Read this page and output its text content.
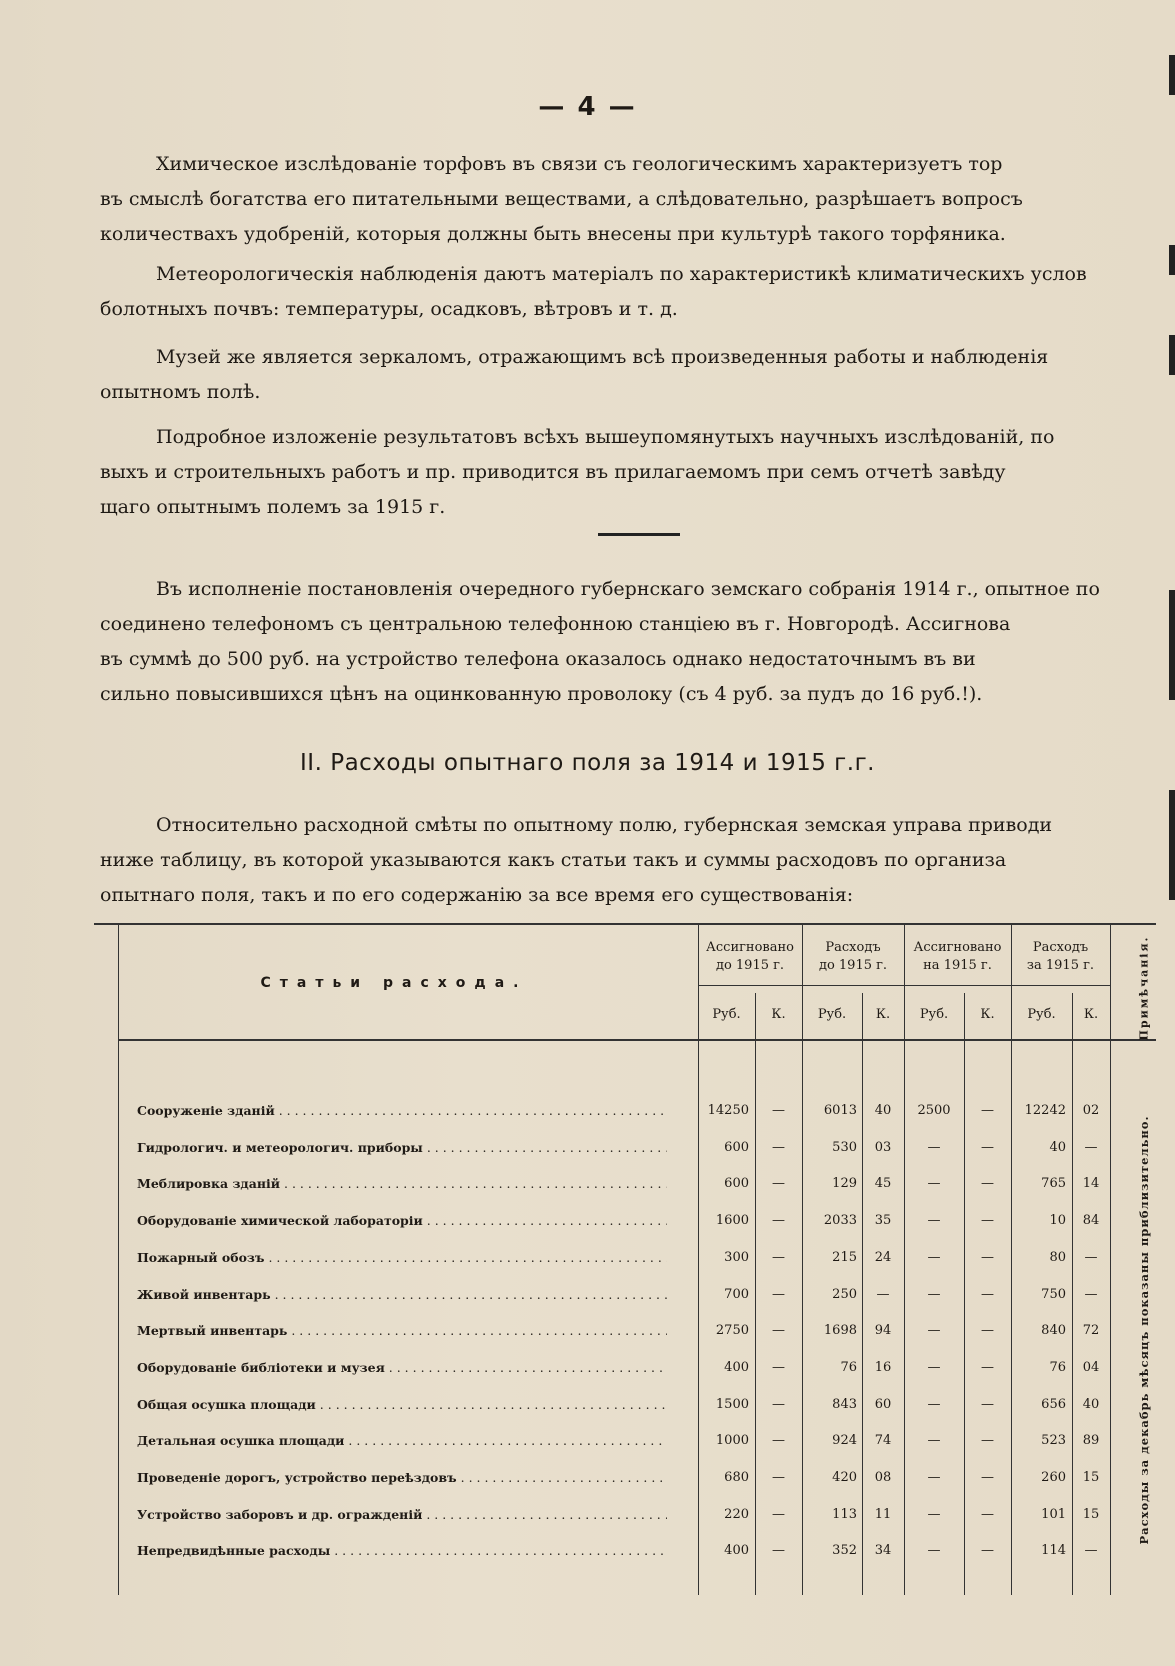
— 4 —

Химическое изслѣдованіе торфовъ въ связи съ геологическимъ характеризуетъ тор
въ смыслѣ богатства его питательными веществами, а слѣдовательно, разрѣшаетъ вопросъ
количествахъ удобреній, которыя должны быть внесены при культурѣ такого торфяника.

Метеорологическія наблюденія даютъ матеріалъ по характеристикѣ климатическихъ услов
болотныхъ почвъ: температуры, осадковъ, вѣтровъ и т. д.

Музей же является зеркаломъ, отражающимъ всѣ произведенныя работы и наблюденія
опытномъ полѣ.

Подробное изложеніе результатовъ всѣхъ вышеупомянутыхъ научныхъ изслѣдованій, по
выхъ и строительныхъ работъ и пр. приводится въ прилагаемомъ при семъ отчетѣ завѣду
щаго опытнымъ полемъ за 1915 г.

Въ исполненіе постановленія очередного губернскаго земскаго собранія 1914 г., опытное по
соединено телефономъ съ центральною телефонною станціею въ г. Новгородѣ. Ассигнова
въ суммѣ до 500 руб. на устройство телефона оказалось однако недостаточнымъ въ ви
сильно повысившихся цѣнъ на оцинкованную проволоку (съ 4 руб. за пудъ до 16 руб.!).

II. Расходы опытнаго поля за 1914 и 1915 г.г.

Относительно расходной смѣты по опытному полю, губернская земская управа приводи
ниже таблицу, въ которой указываются какъ статьи такъ и суммы расходовъ по организа
опытнаго поля, такъ и по его содержанію за все время его существованія:

Статьи расхода.
Ассигновано
до 1915 г.
Расходъ
до 1915 г.
Ассигновано
на 1915 г.
Расходъ
за 1915 г.
Руб.	К.	Руб.	К.	Руб.	К.	Руб.	К.	Примѣчанія.
Расходы за декабрь мѣсяцъ показаны приблизительно.
Сооруженіе зданій . . .	14250	—	6013	40	2500	—	12242	02
Гидрологич. и метеорологич. приборы . . .	600	—	530	03	—	—	40	—
Меблировка зданій . . .	600	—	129	45	—	—	765	14
Оборудованіе химической лабораторіи . . .	1600	—	2033	35	—	—	10	84
Пожарный обозъ . . .	300	—	215	24	—	—	80	—
Живой инвентарь . . .	700	—	250	—	—	—	750	—
Мертвый инвентарь . . .	2750	—	1698	94	—	—	840	72
Оборудованіе библіотеки и музея . . .	400	—	76	16	—	—	76	04
Общая осушка площади . . .	1500	—	843	60	—	—	656	40
Детальная осушка площади . . .	1000	—	924	74	—	—	523	89
Проведеніе дорогъ, устройство переѣздовъ . . .	680	—	420	08	—	—	260	15
Устройство заборовъ и др. огражденій . . .	220	—	113	11	—	—	101	15
Непредвидѣнные расходы . . .	400	—	352	34	—	—	114	—
